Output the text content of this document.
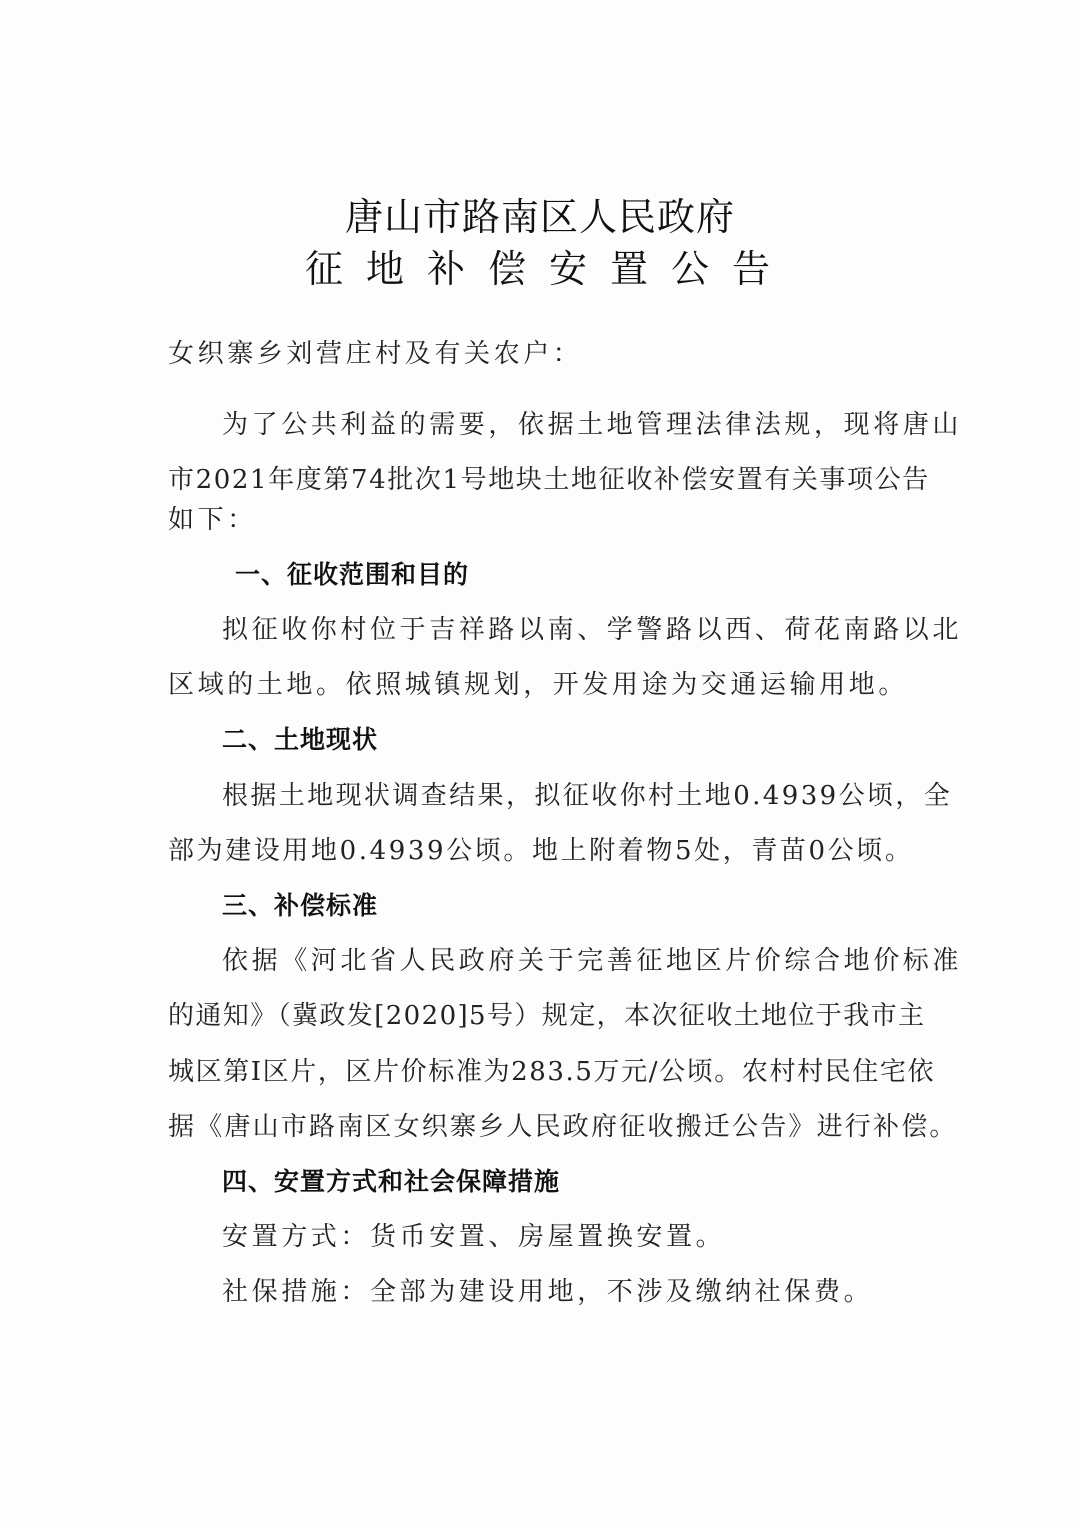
唐山市路南区人民政府
征地补偿安置公告
女织寨乡刘营庄村及有关农户：
为了公共利益的需要，依据土地管理法律法规，现将唐山
市2021年度第74批次1号地块土地征收补偿安置有关事项公告
如下：
一、征收范围和目的
拟征收你村位于吉祥路以南、学警路以西、荷花南路以北
区域的土地。依照城镇规划，开发用途为交通运输用地。
二、土地现状
根据土地现状调查结果，拟征收你村土地0.4939公顷，全
部为建设用地0.4939公顷。地上附着物5处，青苗0公顷。
三、补偿标准
依据《河北省人民政府关于完善征地区片价综合地价标准
的通知》（冀政发[2020]5号）规定，本次征收土地位于我市主
城区第I区片，区片价标准为283.5万元/公顷。农村村民住宅依
据《唐山市路南区女织寨乡人民政府征收搬迁公告》进行补偿。
四、安置方式和社会保障措施
安置方式：货币安置、房屋置换安置。
社保措施：全部为建设用地，不涉及缴纳社保费。
